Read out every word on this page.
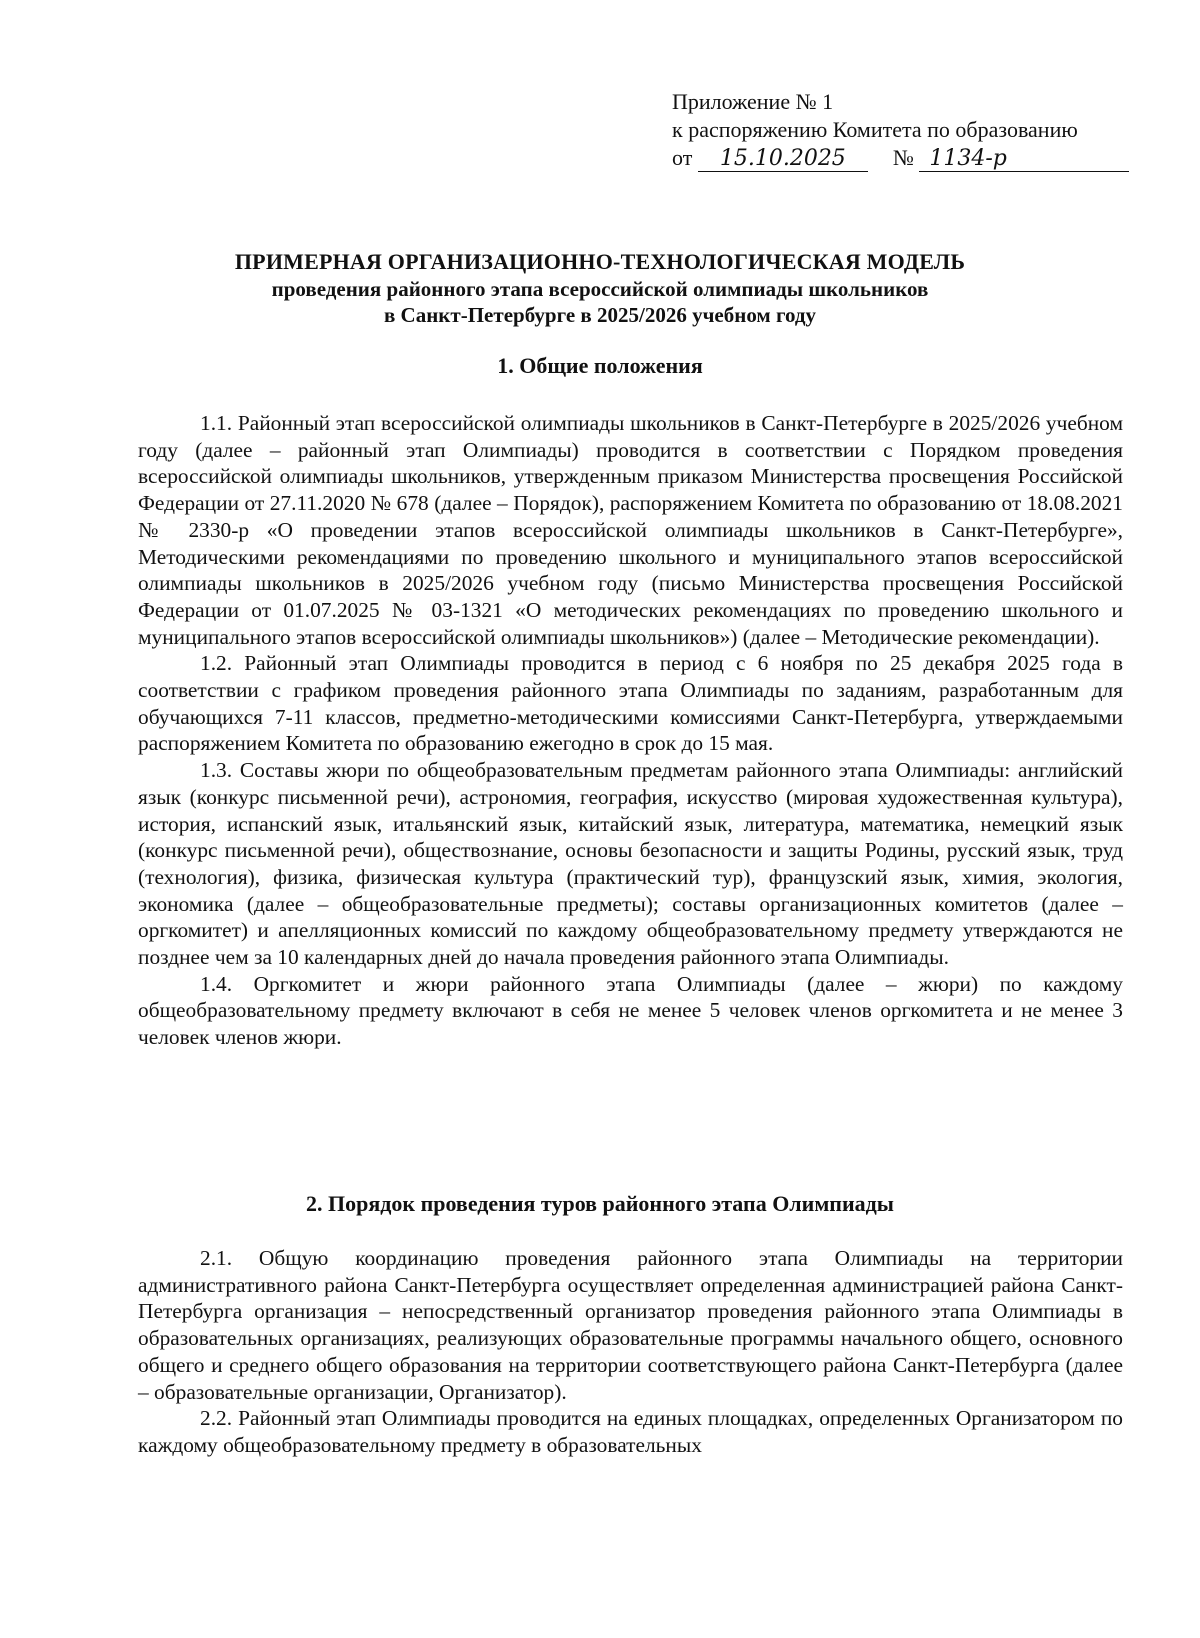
Приложение № 1
к распоряжению Комитета по образованию
от 15.10.2025 № 1134-р
ПРИМЕРНАЯ ОРГАНИЗАЦИОННО-ТЕХНОЛОГИЧЕСКАЯ МОДЕЛЬ
проведения районного этапа всероссийской олимпиады школьников
в Санкт-Петербурге в 2025/2026 учебном году
1. Общие положения

1.1. Районный этап всероссийской олимпиады школьников в Санкт-Петербурге в 2025/2026 учебном году (далее – районный этап Олимпиады) проводится в соответствии с Порядком проведения всероссийской олимпиады школьников, утвержденным приказом Министерства просвещения Российской Федерации от 27.11.2020 № 678 (далее – Порядок), распоряжением Комитета по образованию от 18.08.2021 № 2330-р «О проведении этапов всероссийской олимпиады школьников в Санкт-Петербурге», Методическими рекомендациями по проведению школьного и муниципального этапов всероссийской олимпиады школьников в 2025/2026 учебном году (письмо Министерства просвещения Российской Федерации от 01.07.2025 № 03-1321 «О методических рекомендациях по проведению школьного и муниципального этапов всероссийской олимпиады школьников») (далее – Методические рекомендации).

1.2. Районный этап Олимпиады проводится в период с 6 ноября по 25 декабря 2025 года в соответствии с графиком проведения районного этапа Олимпиады по заданиям, разработанным для обучающихся 7-11 классов, предметно-методическими комиссиями Санкт-Петербурга, утверждаемыми распоряжением Комитета по образованию ежегодно в срок до 15 мая.

1.3. Составы жюри по общеобразовательным предметам районного этапа Олимпиады: английский язык (конкурс письменной речи), астрономия, география, искусство (мировая художественная культура), история, испанский язык, итальянский язык, китайский язык, литература, математика, немецкий язык (конкурс письменной речи), обществознание, основы безопасности и защиты Родины, русский язык, труд (технология), физика, физическая культура (практический тур), французский язык, химия, экология, экономика (далее – общеобразовательные предметы); составы организационных комитетов (далее – оргкомитет) и апелляционных комиссий по каждому общеобразовательному предмету утверждаются не позднее чем за 10 календарных дней до начала проведения районного этапа Олимпиады.

1.4. Оргкомитет и жюри районного этапа Олимпиады (далее – жюри) по каждому общеобразовательному предмету включают в себя не менее 5 человек членов оргкомитета и не менее 3 человек членов жюри.

2. Порядок проведения туров районного этапа Олимпиады

2.1. Общую координацию проведения районного этапа Олимпиады на территории административного района Санкт-Петербурга осуществляет определенная администрацией района Санкт-Петербурга организация – непосредственный организатор проведения районного этапа Олимпиады в образовательных организациях, реализующих образовательные программы начального общего, основного общего и среднего общего образования на территории соответствующего района Санкт-Петербурга (далее – образовательные организации, Организатор).

2.2. Районный этап Олимпиады проводится на единых площадках, определенных Организатором по каждому общеобразовательному предмету в образовательных
